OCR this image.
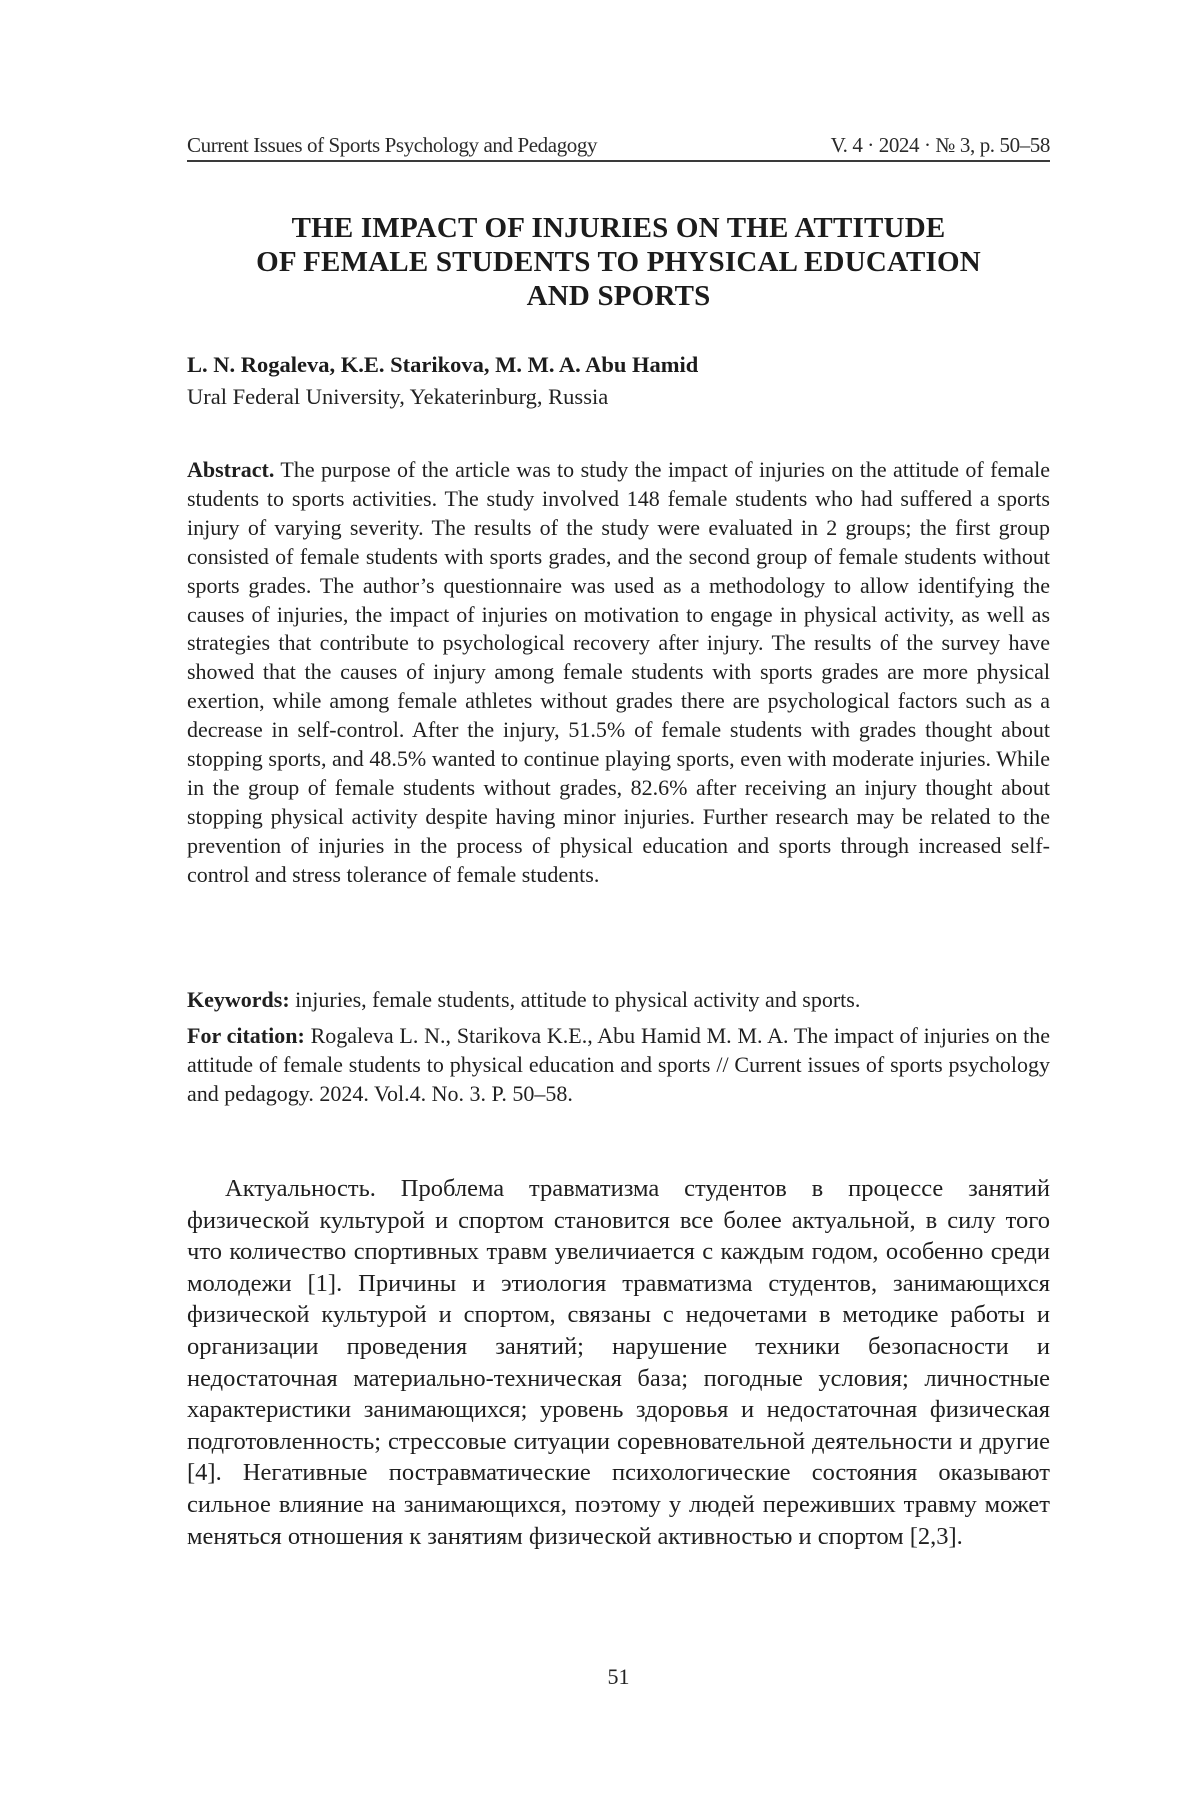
Current Issues of Sports Psychology and Pedagogy	V. 4 · 2024 · № 3, p. 50–58
THE IMPACT OF INJURIES ON THE ATTITUDE
OF FEMALE STUDENTS TO PHYSICAL EDUCATION
AND SPORTS
L. N. Rogaleva, K.E. Starikova, M. M. A. Abu Hamid
Ural Federal University, Yekaterinburg, Russia
Abstract. The purpose of the article was to study the impact of injuries on the attitude of female students to sports activities. The study involved 148 female students who had suffered a sports injury of varying severity. The results of the study were evaluated in 2 groups; the first group consisted of female students with sports grades, and the second group of female students without sports grades. The author’s questionnaire was used as a methodology to allow identifying the causes of injuries, the impact of injuries on motivation to engage in physical activity, as well as strategies that contribute to psychological recovery after injury. The results of the survey have showed that the causes of injury among female students with sports grades are more physical exertion, while among female athletes without grades there are psychological factors such as a decrease in self-control. After the injury, 51.5% of female students with grades thought about stopping sports, and 48.5% wanted to continue playing sports, even with moderate injuries. While in the group of female students without grades, 82.6% after receiving an injury thought about stopping physical activity despite having minor injuries. Further research may be related to the prevention of injuries in the process of physical education and sports through increased self-control and stress tolerance of female students.
Keywords: injuries, female students, attitude to physical activity and sports.
For citation: Rogaleva L. N., Starikova K.E., Abu Hamid M. M. A. The impact of injuries on the attitude of female students to physical education and sports // Current issues of sports psychology and pedagogy. 2024. Vol.4. No. 3. P. 50–58.

Актуальность. Проблема травматизма студентов в процессе занятий физической культурой и спортом становится все более актуальной, в силу того что количество спортивных травм увеличиается с каждым годом, особенно среди молодежи [1]. Причины и этиология травматизма студентов, занимающихся физической культурой и спортом, связаны с недочетами в методике работы и организации проведения занятий; нарушение техники безопасности и недостаточная материально-техническая база; погодные условия; личностные характеристики занимающихся; уровень здоровья и недостаточная физическая подготовленность; стрессовые ситуации соревновательной деятельности и другие [4]. Негативные постравматические психологические состояния оказывают сильное влияние на занимающихся, поэтому у людей переживших травму может меняться отношения к занятиям физической активностью и спортом [2,3].

51
